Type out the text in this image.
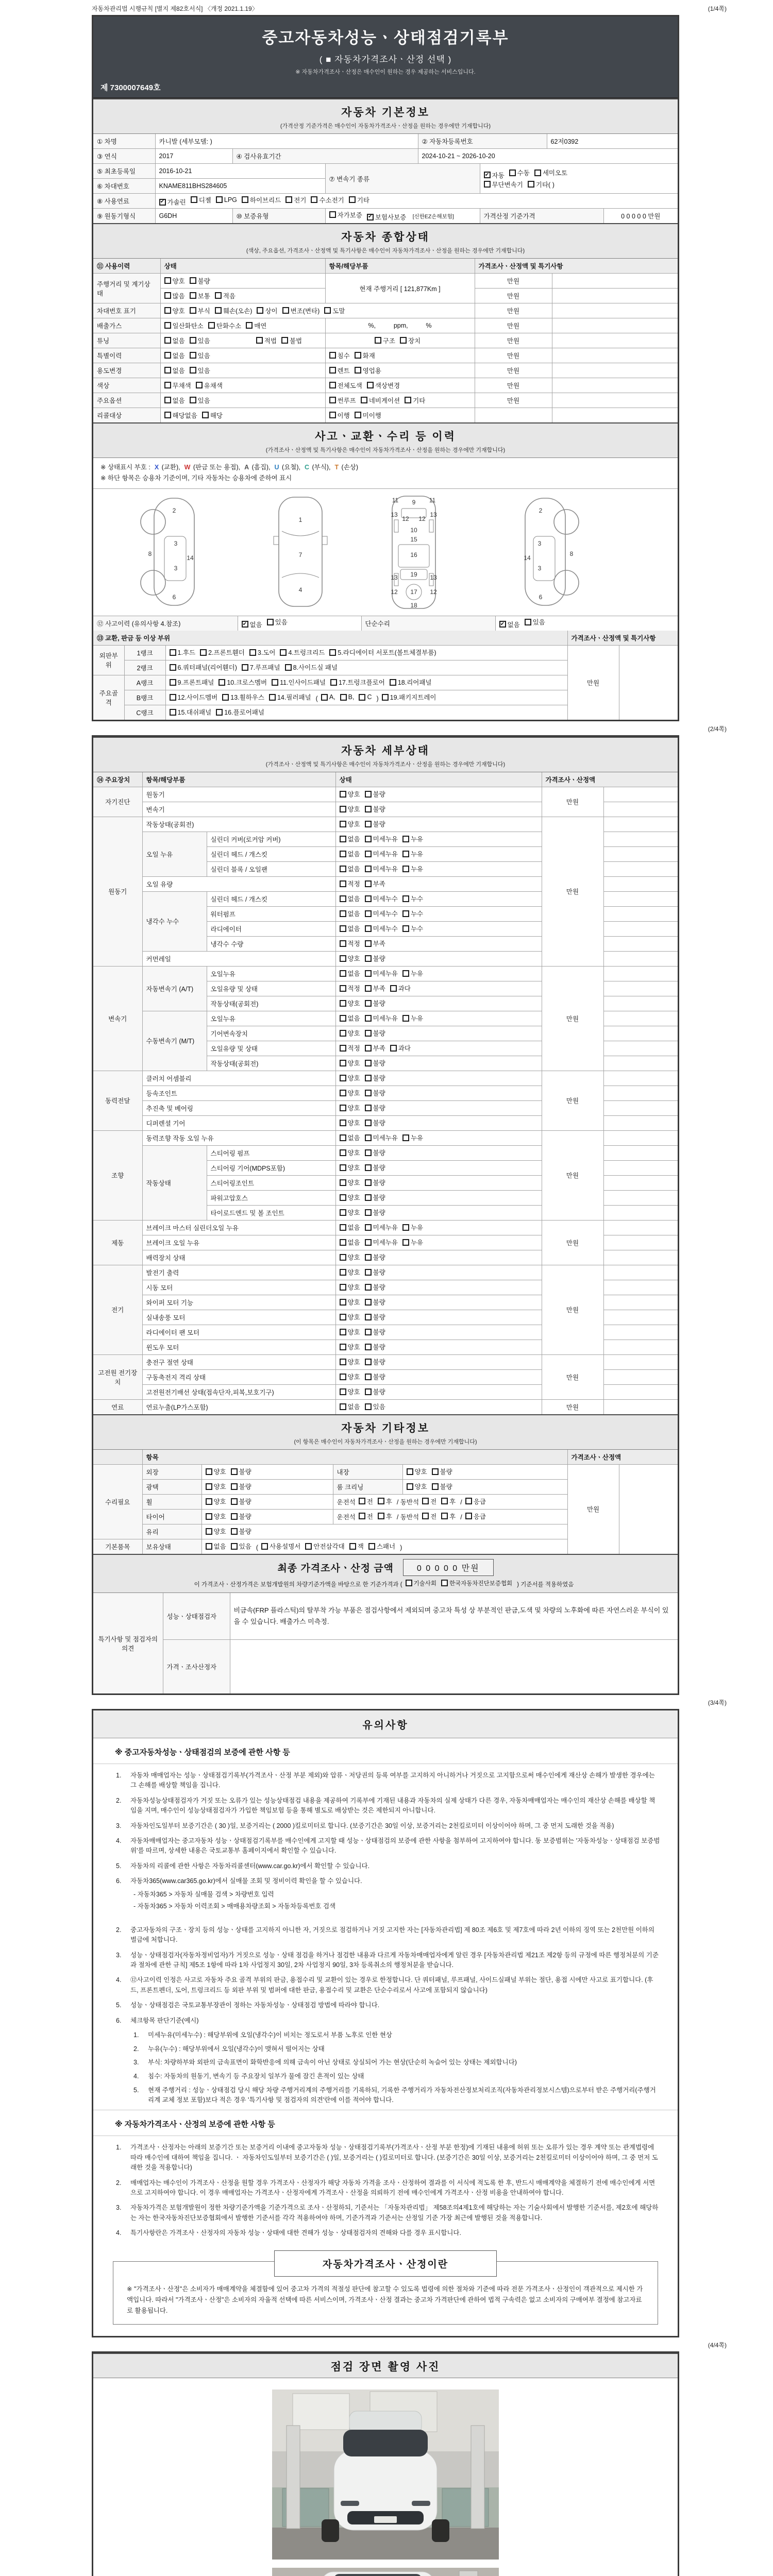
자동차관리법 시행규칙 [별지 제82호서식] 〈개정 2021.1.19〉	(1/4쪽)
중고자동차성능ㆍ상태점검기록부
( ■ 자동차가격조사ㆍ산정 선택 )
※ 자동차가격조사ㆍ산정은 매수인이 원하는 경우 제공하는 서비스입니다.
제 7300007649호
자동차 기본정보
(가격산정 기준가격은 매수인이 자동차가격조사ㆍ산정을 원하는 경우에만 기재합니다)
① 차명	카니발 (세부모델: )			② 자동차등록번호		62저0392	
③ 연식	2017	④ 검사유효기간		2024-10-21 ~ 2026-10-20			
⑤ 최초등록일	2016-10-21	⑦ 변속기 종류	
✔ 자동 수동 세미오토
무단변속기 기타( )

⑥ 차대번호	KNAME811BHS284605						
⑧ 사용연료	✔ 가솔린 디젤 LPG 하이브리드 전기 수소전기 기타

⑨ 원동기형식	G6DH	⑩ 보증유형	자가보증 ✔ 보험사보증 [신한EZ손해보험]		가격산정 기준가격		0 0 0 0 0 만원
자동차 종합상태
(색상, 주요옵션, 가격조사ㆍ산정액 및 특기사항은 매수인이 자동차가격조사ㆍ산정을 원하는 경우에만 기재합니다)
⑪ 사용이력	상태	항목/해당부품	가격조사ㆍ산정액 및 특기사항	
주행거리 및 계기상태	양호 불량	현재 주행거리 [ 121,877Km ]	만원	

	많음 보통 적음		만원	
차대번호 표기	양호 부식 훼손(오손) 상이 변조(변타) 도말	만원	
배출가스	일산화탄소 탄화수소 매연	%,          ppm,          %	만원	
튜닝	없음 있음 적법 불법	구조 장치	만원	
특별이력	없음 있음	침수 화재	만원	
용도변경	없음 있음	렌트 영업용	만원	
색상	무채색 유채색	전체도색 색상변경	만원	
주요옵션	없음 있음	썬루프 네비게이션 기타	만원	
리콜대상	해당없음 해당	이행 미이행		

사고ㆍ교환ㆍ수리 등 이력
(가격조사ㆍ산정액 및 특기사항은 매수인이 자동차가격조사ㆍ산정을 원하는 경우에만 기재합니다)
※ 상태표시 부호 : X (교환), W (판금 또는 용접), A (흠집), U (요철), C (부식), T (손상)
※ 하단 항목은 승용차 기준이며, 기타 자동차는 승용차에 준하여 표시
2
8
3
3
14
6
1
7
4
9
11	11
13	13
12 12
10
15
16
19
13	13
12	12
17
18
2
8
3
3
14
6
⑫ 사고이력 (유의사항 4.참조)	✔ 없음 있음	단순수리	✔ 없음 있음
⑬ 교환, 판금 등 이상 부위			가격조사ㆍ산정액 및 특기사항	
외판부위	1랭크	1.후드 2.프론트휀더 3.도어 4.트렁크리드 5.라디에이터 서포트(볼트체결부품)	만원	
	2랭크	6.쿼터패널(리어휀더) 7.루프패널 8.사이드실 패널		

주요골격	A랭크	9.프론트패널 10.크로스멤버 11.인사이드패널 17.트렁크플로어 18.리어패널		

B랭크	12.사이드멤버 13.휠하우스 14.필러패널 ( A, B, C ) 19.패키지트레이

	C랭크	15.대쉬패널 16.플로어패널		
(2/4쪽)
자동차 세부상태
(가격조사ㆍ산정액 및 특기사항은 매수인이 자동차가격조사ㆍ산정을 원하는 경우에만 기재합니다)
⑭ 주요장치	항목/해당부품		상태	가격조사ㆍ산정액	
자기진단	원동기		양호 불량	만원	
	변속기		양호 불량		

원동기	작동상태(공회전)		양호 불량	만원	
	오일 누유	실린더 커버(로커암 커버)	없음 미세누유 누유		

		실린더 헤드 / 개스킷	없음 미세누유 누유		

		실린더 블록 / 오일팬	없음 미세누유 누유		

	오일 유량		적정 부족		

	냉각수 누수	실린더 헤드 / 개스킷	없음 미세누수 누수		

		워터펌프	없음 미세누수 누수		

		라디에이터	없음 미세누수 누수		

		냉각수 수량	적정 부족		

	커먼레일		양호 불량		

변속기	자동변속기 (A/T)	오일누유	없음 미세누유 누유	만원	
		오일유량 및 상태	적정 부족 과다		

		작동상태(공회전)	양호 불량		

	수동변속기 (M/T)	오일누유	없음 미세누유 누유		

		기어변속장치	양호 불량		

		오일유량 및 상태	적정 부족 과다		

		작동상태(공회전)	양호 불량		

동력전달	클러치 어셈블리		양호 불량	만원	
	등속조인트		양호 불량		

	추진축 및 베어링		양호 불량		

	디퍼렌셜 기어		양호 불량		

조향	동력조향 작동 오일 누유		없음 미세누유 누유	만원	
	작동상태	스티어링 펌프	양호 불량		

		스티어링 기어(MDPS포함)	양호 불량		

		스티어링조인트	양호 불량		

		파워고압호스	양호 불량		

		타이로드엔드 및 볼 조인트	양호 불량		

제동	브레이크 마스터 실린더오일 누유		없음 미세누유 누유	만원	
	브레이크 오일 누유		없음 미세누유 누유		

	배력장치 상태		양호 불량		

전기	발전기 출력		양호 불량	만원	
	시동 모터		양호 불량		

	와이퍼 모터 기능		양호 불량		

	실내송풍 모터		양호 불량		

	라디에이터 팬 모터		양호 불량		

	윈도우 모터		양호 불량		

고전원 전기장치	충전구 절연 상태		양호 불량	만원	
	구동축전지 격리 상태		양호 불량		

	고전원전기배선 상태(접속단자,피복,보호기구)		양호 불량		

연료	연료누출(LP가스포함)		없음 있음	만원	
자동차 기타정보
(이 항목은 매수인이 자동차가격조사ㆍ산정을 원하는 경우에만 기재합니다)
	항목				가격조사ㆍ산정액	
수리필요	외장	양호 불량	내장	양호 불량	만원	
	광택	양호 불량	룸 크리닝	양호 불량		

휠	양호 불량	운전석 전 후 / 동반석 전 후 / 응급

타이어	양호 불량	운전석 전 후 / 동반석 전 후 / 응급

	유리	양호 불량				

기본품목	보유상태	없음 있음 ( 사용설명서 안전삼각대 잭 스패너 )
최종 가격조사ㆍ산정 금액	0 0 0 0 0 만원
이 가격조사ㆍ산정가격은 보험개발원의 차량기준가액을 바탕으로 한 기준가격과 ( 기술사회 한국자동차진단보증협회 ) 기준서를 적용하였음
특기사항 및 점검자의 의견	성능ㆍ상태점검자	비금속(FRP 플라스틱)의 탈부착 가능 부품은 점검사항에서 제외되며 중고차 특성 상 부분적인 판금,도색 및 차량의 노후화에 따른 자연스러운 부식이 있을 수 있습니다. 배출가스 미측정.
	가격ㆍ조사산정자	
(3/4쪽)
유의사항
※ 중고자동차성능ㆍ상태점검의 보증에 관한 사항 등
1.	자동차 매매업자는 성능ㆍ상태점검기록부(가격조사ㆍ산정 부분 제외)와 압류ㆍ저당권의 등록 여부를 고지하지 아니하거나 거짓으로 고지함으로써 매수인에게 재산상 손해가 발생한 경우에는 그 손해를 배상할 책임을 집니다.
2.	자동차성능상태점검자가 거짓 또는 오류가 있는 성능상태점검 내용을 제공하여 기록부에 기재된 내용과 자동차의 실제 상태가 다른 경우, 자동차매매업자는 매수인의 재산상 손해를 배상할 책임을 지며, 매수인이 성능상태점검자가 가입한 책임보험 등을 통해 별도로 배상받는 것은 제한되지 아니합니다.
3.	자동차인도일부터 보증기간은 ( 30 )일, 보증거리는 ( 2000 )킬로미터로 합니다. (보증기간은 30일 이상, 보증거리는 2천킬로미터 이상이어야 하며, 그 중 먼저 도래한 것을 적용)
4.	자동차매매업자는 중고자동차 성능ㆍ상태점검기록부를 매수인에게 고지할 때 성능ㆍ상태점검의 보증에 관한 사항을 첨부하여 고지하여야 합니다. 동 보증범위는 '자동차성능ㆍ상태점검 보증범위'를 따르며, 상세한 내용은 국토교통부 홈페이지에서 확인할 수 있습니다.
5.	자동차의 리콜에 관한 사항은 자동차리콜센터(www.car.go.kr)에서 확인할 수 있습니다.
6.	자동차365(www.car365.go.kr)에서 실매물 조회 및 정비이력 확인을 할 수 있습니다.
- 자동차365 > 자동차 실매물 검색 > 차량번호 입력
- 자동차365 > 자동차 이력조회 > 매매용차량조회 > 자동차등록번호 검색
2.	중고자동차의 구조ㆍ장치 등의 성능ㆍ상태를 고지하지 아니한 자, 거짓으로 점검하거나 거짓 고지한 자는 [자동차관리법] 제 80조 제6호 및 제7호에 따라 2년 이하의 징역 또는 2천만원 이하의 벌금에 처합니다.
3.	성능ㆍ상태점검자(자동차정비업자)가 거짓으로 성능ㆍ상태 점검을 하거나 점검한 내용과 다르게 자동차매매업자에게 알린 경우 [자동차관리법 제21조 제2항 등의 규정에 따른 행정처분의 기준과 절차에 관한 규칙] 제5조 1항에 따라 1차 사업정지 30일, 2차 사업정지 90일, 3차 등록취소의 행정처분을 받습니다.
4.	⑫사고이력 인정은 사고로 자동차 주요 골격 부위의 판금, 용접수리 및 교환이 있는 경우로 한정합니다. 단 쿼터패널, 루프패널, 사이드실패널 부위는 절단, 용접 시에만 사고로 표기합니다. (후드, 프론트펜더, 도어, 트렁크리드 등 외판 부위 및 범퍼에 대한 판금, 용접수리 및 교환은 단순수리로서 사고에 포함되지 않습니다)
5.	성능ㆍ상태점검은 국토교통부장관이 정하는 자동차성능ㆍ상태점검 방법에 따라야 합니다.
6.	체크항목 판단기준(예시)
1.	미세누유(미세누수) : 해당부위에 오일(냉각수)이 비치는 정도로서 부품 노후로 인한 현상
2.	누유(누수) : 해당부위에서 오일(냉각수)이 맺혀서 떨어지는 상태
3.	부식: 차량하부와 외판의 금속표면이 화학반응에 의해 금속이 아닌 상태로 상실되어 가는 현상(단순히 녹슬어 있는 상태는 제외합니다)
4.	침수: 자동차의 원동기, 변속기 등 주요장치 일부가 물에 잠긴 흔적이 있는 상태
5.	현재 주행거리 : 성능ㆍ상태점검 당시 해당 차량 주행거리계의 주행거리를 기록하되, 기록한 주행거리가 자동차전산정보처리조직(자동차관리정보시스템)으로부터 받은 주행거리(주행거리계 교체 정보 포함)보다 적은 경우 '특기사항 및 점검자의 의견'란에 이를 적어야 합니다.
※ 자동차가격조사ㆍ산정의 보증에 관한 사항 등
1.	가격조사ㆍ산정자는 아래의 보증기간 또는 보증거리 이내에 중고자동차 성능ㆍ상태점검기록부(가격조사ㆍ산정 부분 한정)에 기재된 내용에 허위 또는 오류가 있는 경우 계약 또는 관계법령에 따라 매수인에 대하여 책임을 집니다. ㆍ 자동차인도일부터 보증기간은 ( )일, 보증거리는 ( )킬로미터로 합니다. (보증기간은 30일 이상, 보증거리는 2천킬로미터 이상이어야 하며, 그 중 먼저 도래한 것을 적용합니다)
2.	매매업자는 매수인이 가격조사ㆍ산정을 원할 경우 가격조사ㆍ산정자가 해당 자동차 가격을 조사ㆍ산정하여 결과를 이 서식에 적도록 한 후, 반드시 매매계약을 체결하기 전에 매수인에게 서면으로 고지하여야 합니다. 이 경우 매매업자는 가격조사ㆍ산정자에게 가격조사ㆍ산정을 의뢰하기 전에 매수인에게 가격조사ㆍ산정 비용을 안내하여야 합니다.
3.	자동차가격은 보험개발원이 정한 차량기준가액을 기준가격으로 조사ㆍ산정하되, 기준서는 「자동차관리법」 제58조의4제1호에 해당하는 자는 기술사회에서 발행한 기준서를, 제2호에 해당하는 자는 한국자동차진단보증협회에서 발행한 기준서를 각각 적용하여야 하며, 기준가격과 기준서는 산정일 기준 가장 최근에 발행된 것을 적용합니다.
4.	특기사항란은 가격조사ㆍ산정자의 자동차 성능ㆍ상태에 대한 견해가 성능ㆍ상태점검자의 견해와 다를 경우 표시합니다.
자동차가격조사ㆍ산정이란
※ "가격조사ㆍ산정"은 소비자가 매매계약을 체결함에 있어 중고차 가격의 적절성 판단에 참고할 수 있도록 법령에 의한 절차와 기준에 따라 전문 가격조사ㆍ산정인이 객관적으로 제시한 가액입니다. 따라서 "가격조사ㆍ산정"은 소비자의 자율적 선택에 따른 서비스이며, 가격조사ㆍ산정 결과는 중고차 가격판단에 관하여 법적 구속력은 없고 소비자의 구매여부 결정에 참고자료로 활용됩니다.
(4/4쪽)
점검 장면 촬영 사진
